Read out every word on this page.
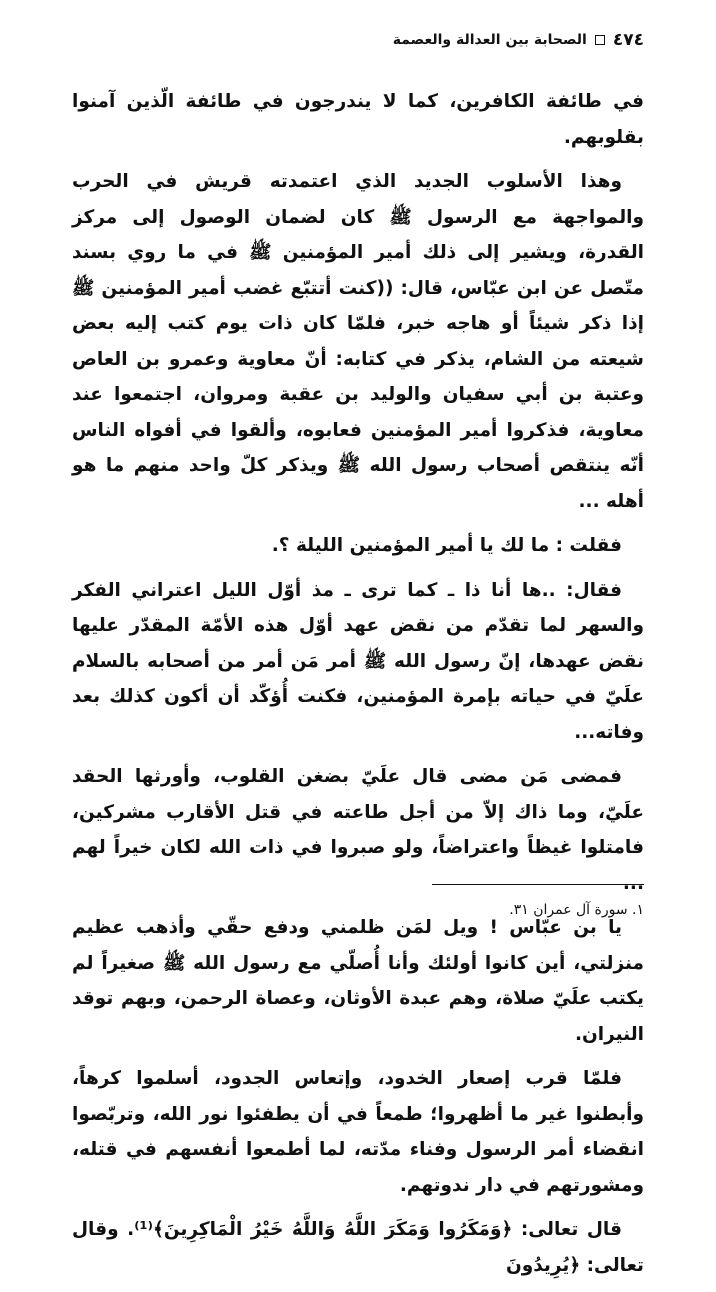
٤٧٤
الصحابة بين العدالة والعصمة

في طائفة الكافرين، كما لا يندرجون في طائفة الّذين آمنوا بقلوبهم.

وهذا الأسلوب الجديد الذي اعتمدته قريش في الحرب والمواجهة مع الرسول ﷺ كان لضمان الوصول إلى مركز القدرة، ويشير إلى ذلك أمير المؤمنين ﷺ في ما روي بسند متّصل عن ابن عبّاس، قال: ((كنت أتتبّع غضب أمير المؤمنين ﷺ إذا ذكر شيئاً أو هاجه خبر، فلمّا كان ذات يوم كتب إليه بعض شيعته من الشام، يذكر في كتابه: أنّ معاوية وعمرو بن العاص وعتبة بن أبي سفيان والوليد بن عقبة ومروان، اجتمعوا عند معاوية، فذكروا أمير المؤمنين فعابوه، وألقوا في أفواه الناس أنّه ينتقص أصحاب رسول الله ﷺ ويذكر كلّ واحد منهم ما هو أهله ...

فقلت : ما لك يا أمير المؤمنين الليلة ؟.

فقال: ..ها أنا ذا ـ كما ترى ـ مذ أوّل الليل اعتراني الفكر والسهر لما تقدّم من نقض عهد أوّل هذه الأمّة المقدّر عليها نقض عهدها، إنّ رسول الله ﷺ أمر مَن أمر من أصحابه بالسلام علَيّ في حياته بإمرة المؤمنين، فكنت أُؤكّد أن أكون كذلك بعد وفاته...

فمضى مَن مضى قال علَيّ بضغن القلوب، وأورثها الحقد علَيّ، وما ذاك إلاّ من أجل طاعته في قتل الأقارب مشركين، فامتلوا غيظاً واعتراضاً، ولو صبروا في ذات الله لكان خيراً لهم ...

يا بن عبّاس ! ويل لمَن ظلمني ودفع حقّي وأذهب عظيم منزلتي، أين كانوا أولئك وأنا أُصلّي مع رسول الله ﷺ صغيراً لم يكتب علَيّ صلاة، وهم عبدة الأوثان، وعصاة الرحمن، وبهم توقد النيران.

فلمّا قرب إصعار الخدود، وإتعاس الجدود، أسلموا كرهاً، وأبطنوا غير ما أظهروا؛ طمعاً في أن يطفئوا نور الله، وتربّصوا انقضاء أمر الرسول وفناء مدّته، لما أطمعوا أنفسهم في قتله، ومشورتهم في دار ندوتهم.

قال تعالى: ﴿وَمَكَرُوا وَمَكَرَ اللَّهُ وَاللَّهُ خَيْرُ الْمَاكِرِينَ﴾⁽¹⁾. وقال تعالى: ﴿يُرِيدُونَ

١. سورة آل عمران ٣١.
